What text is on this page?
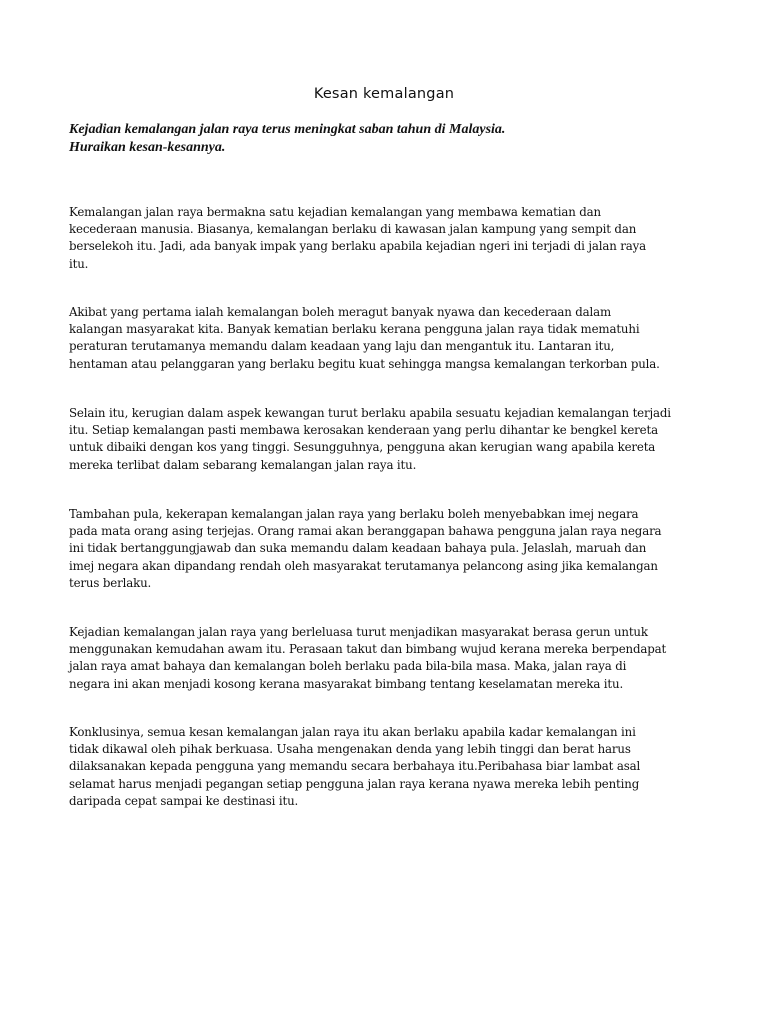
Kesan kemalangan
Kejadian kemalangan jalan raya terus meningkat saban tahun di Malaysia.
Huraikan kesan-kesannya.

Kemalangan jalan raya bermakna satu kejadian kemalangan yang membawa kematian dan
kecederaan manusia. Biasanya, kemalangan berlaku di kawasan jalan kampung yang sempit dan
berselekoh itu. Jadi, ada banyak impak yang berlaku apabila kejadian ngeri ini terjadi di jalan raya
itu.

Akibat yang pertama ialah kemalangan boleh meragut banyak nyawa dan kecederaan dalam
kalangan masyarakat kita. Banyak kematian berlaku kerana pengguna jalan raya tidak mematuhi
peraturan terutamanya memandu dalam keadaan yang laju dan mengantuk itu. Lantaran itu,
hentaman atau pelanggaran yang berlaku begitu kuat sehingga mangsa kemalangan terkorban pula.

Selain itu, kerugian dalam aspek kewangan turut berlaku apabila sesuatu kejadian kemalangan terjadi
itu. Setiap kemalangan pasti membawa kerosakan kenderaan yang perlu dihantar ke bengkel kereta
untuk dibaiki dengan kos yang tinggi. Sesungguhnya, pengguna akan kerugian wang apabila kereta
mereka terlibat dalam sebarang kemalangan jalan raya itu.

Tambahan pula, kekerapan kemalangan jalan raya yang berlaku boleh menyebabkan imej negara
pada mata orang asing terjejas. Orang ramai akan beranggapan bahawa pengguna jalan raya negara
ini tidak bertanggungjawab dan suka memandu dalam keadaan bahaya pula. Jelaslah, maruah dan
imej negara akan dipandang rendah oleh masyarakat terutamanya pelancong asing jika kemalangan
terus berlaku.

Kejadian kemalangan jalan raya yang berleluasa turut menjadikan masyarakat berasa gerun untuk
menggunakan kemudahan awam itu. Perasaan takut dan bimbang wujud kerana mereka berpendapat
jalan raya amat bahaya dan kemalangan boleh berlaku pada bila-bila masa. Maka, jalan raya di
negara ini akan menjadi kosong kerana masyarakat bimbang tentang keselamatan mereka itu.

Konklusinya, semua kesan kemalangan jalan raya itu akan berlaku apabila kadar kemalangan ini
tidak dikawal oleh pihak berkuasa. Usaha mengenakan denda yang lebih tinggi dan berat harus
dilaksanakan kepada pengguna yang memandu secara berbahaya itu.Peribahasa biar lambat asal
selamat harus menjadi pegangan setiap pengguna jalan raya kerana nyawa mereka lebih penting
daripada cepat sampai ke destinasi itu.
